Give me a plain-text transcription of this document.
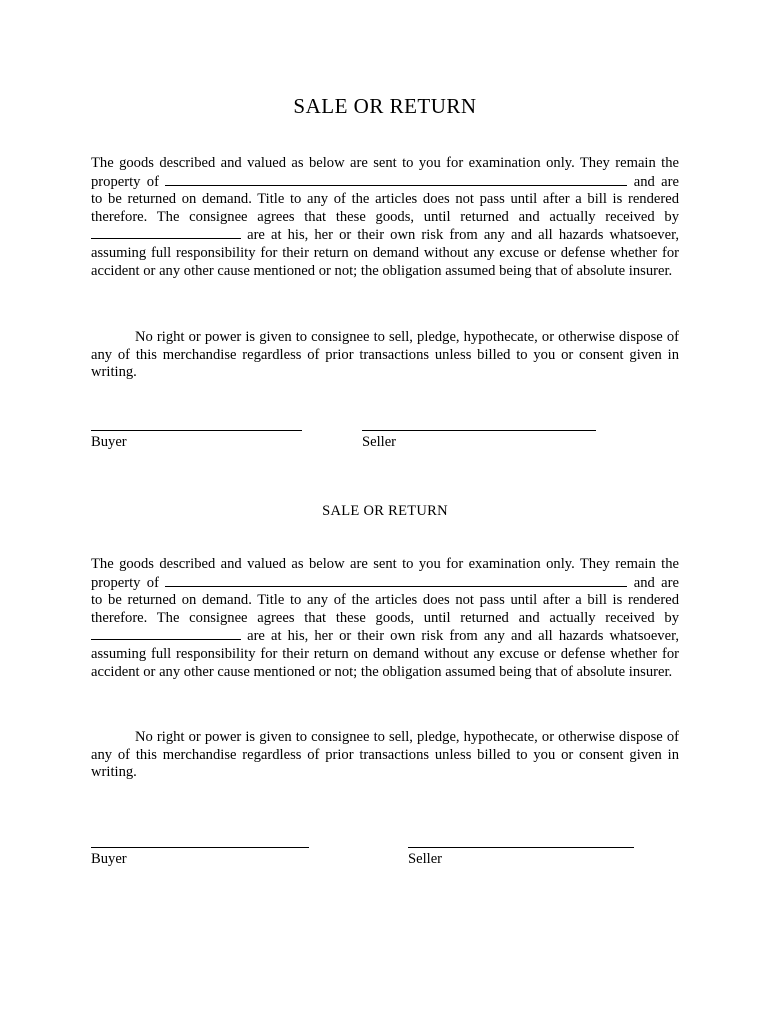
SALE OR RETURN
The goods described and valued as below are sent to you for examination only. They remain the property of	and are to be returned on demand. Title to any of the articles does not pass until after a bill is rendered therefore. The consignee agrees that these goods, until returned and actually received by  are at his, her or their own risk from any and all hazards whatsoever, assuming full responsibility for their return on demand without any excuse or defense whether for accident or any other cause mentioned or not; the obligation assumed being that of absolute insurer.
No right or power is given to consignee to sell, pledge, hypothecate, or otherwise dispose of any of this merchandise regardless of prior transactions unless billed to you or consent given in writing.
Buyer	Seller
SALE OR RETURN
The goods described and valued as below are sent to you for examination only. They remain the property of	and are to be returned on demand. Title to any of the articles does not pass until after a bill is rendered therefore. The consignee agrees that these goods, until returned and actually received by  are at his, her or their own risk from any and all hazards whatsoever, assuming full responsibility for their return on demand without any excuse or defense whether for accident or any other cause mentioned or not; the obligation assumed being that of absolute insurer.
No right or power is given to consignee to sell, pledge, hypothecate, or otherwise dispose of any of this merchandise regardless of prior transactions unless billed to you or consent given in writing.
Buyer	Seller
